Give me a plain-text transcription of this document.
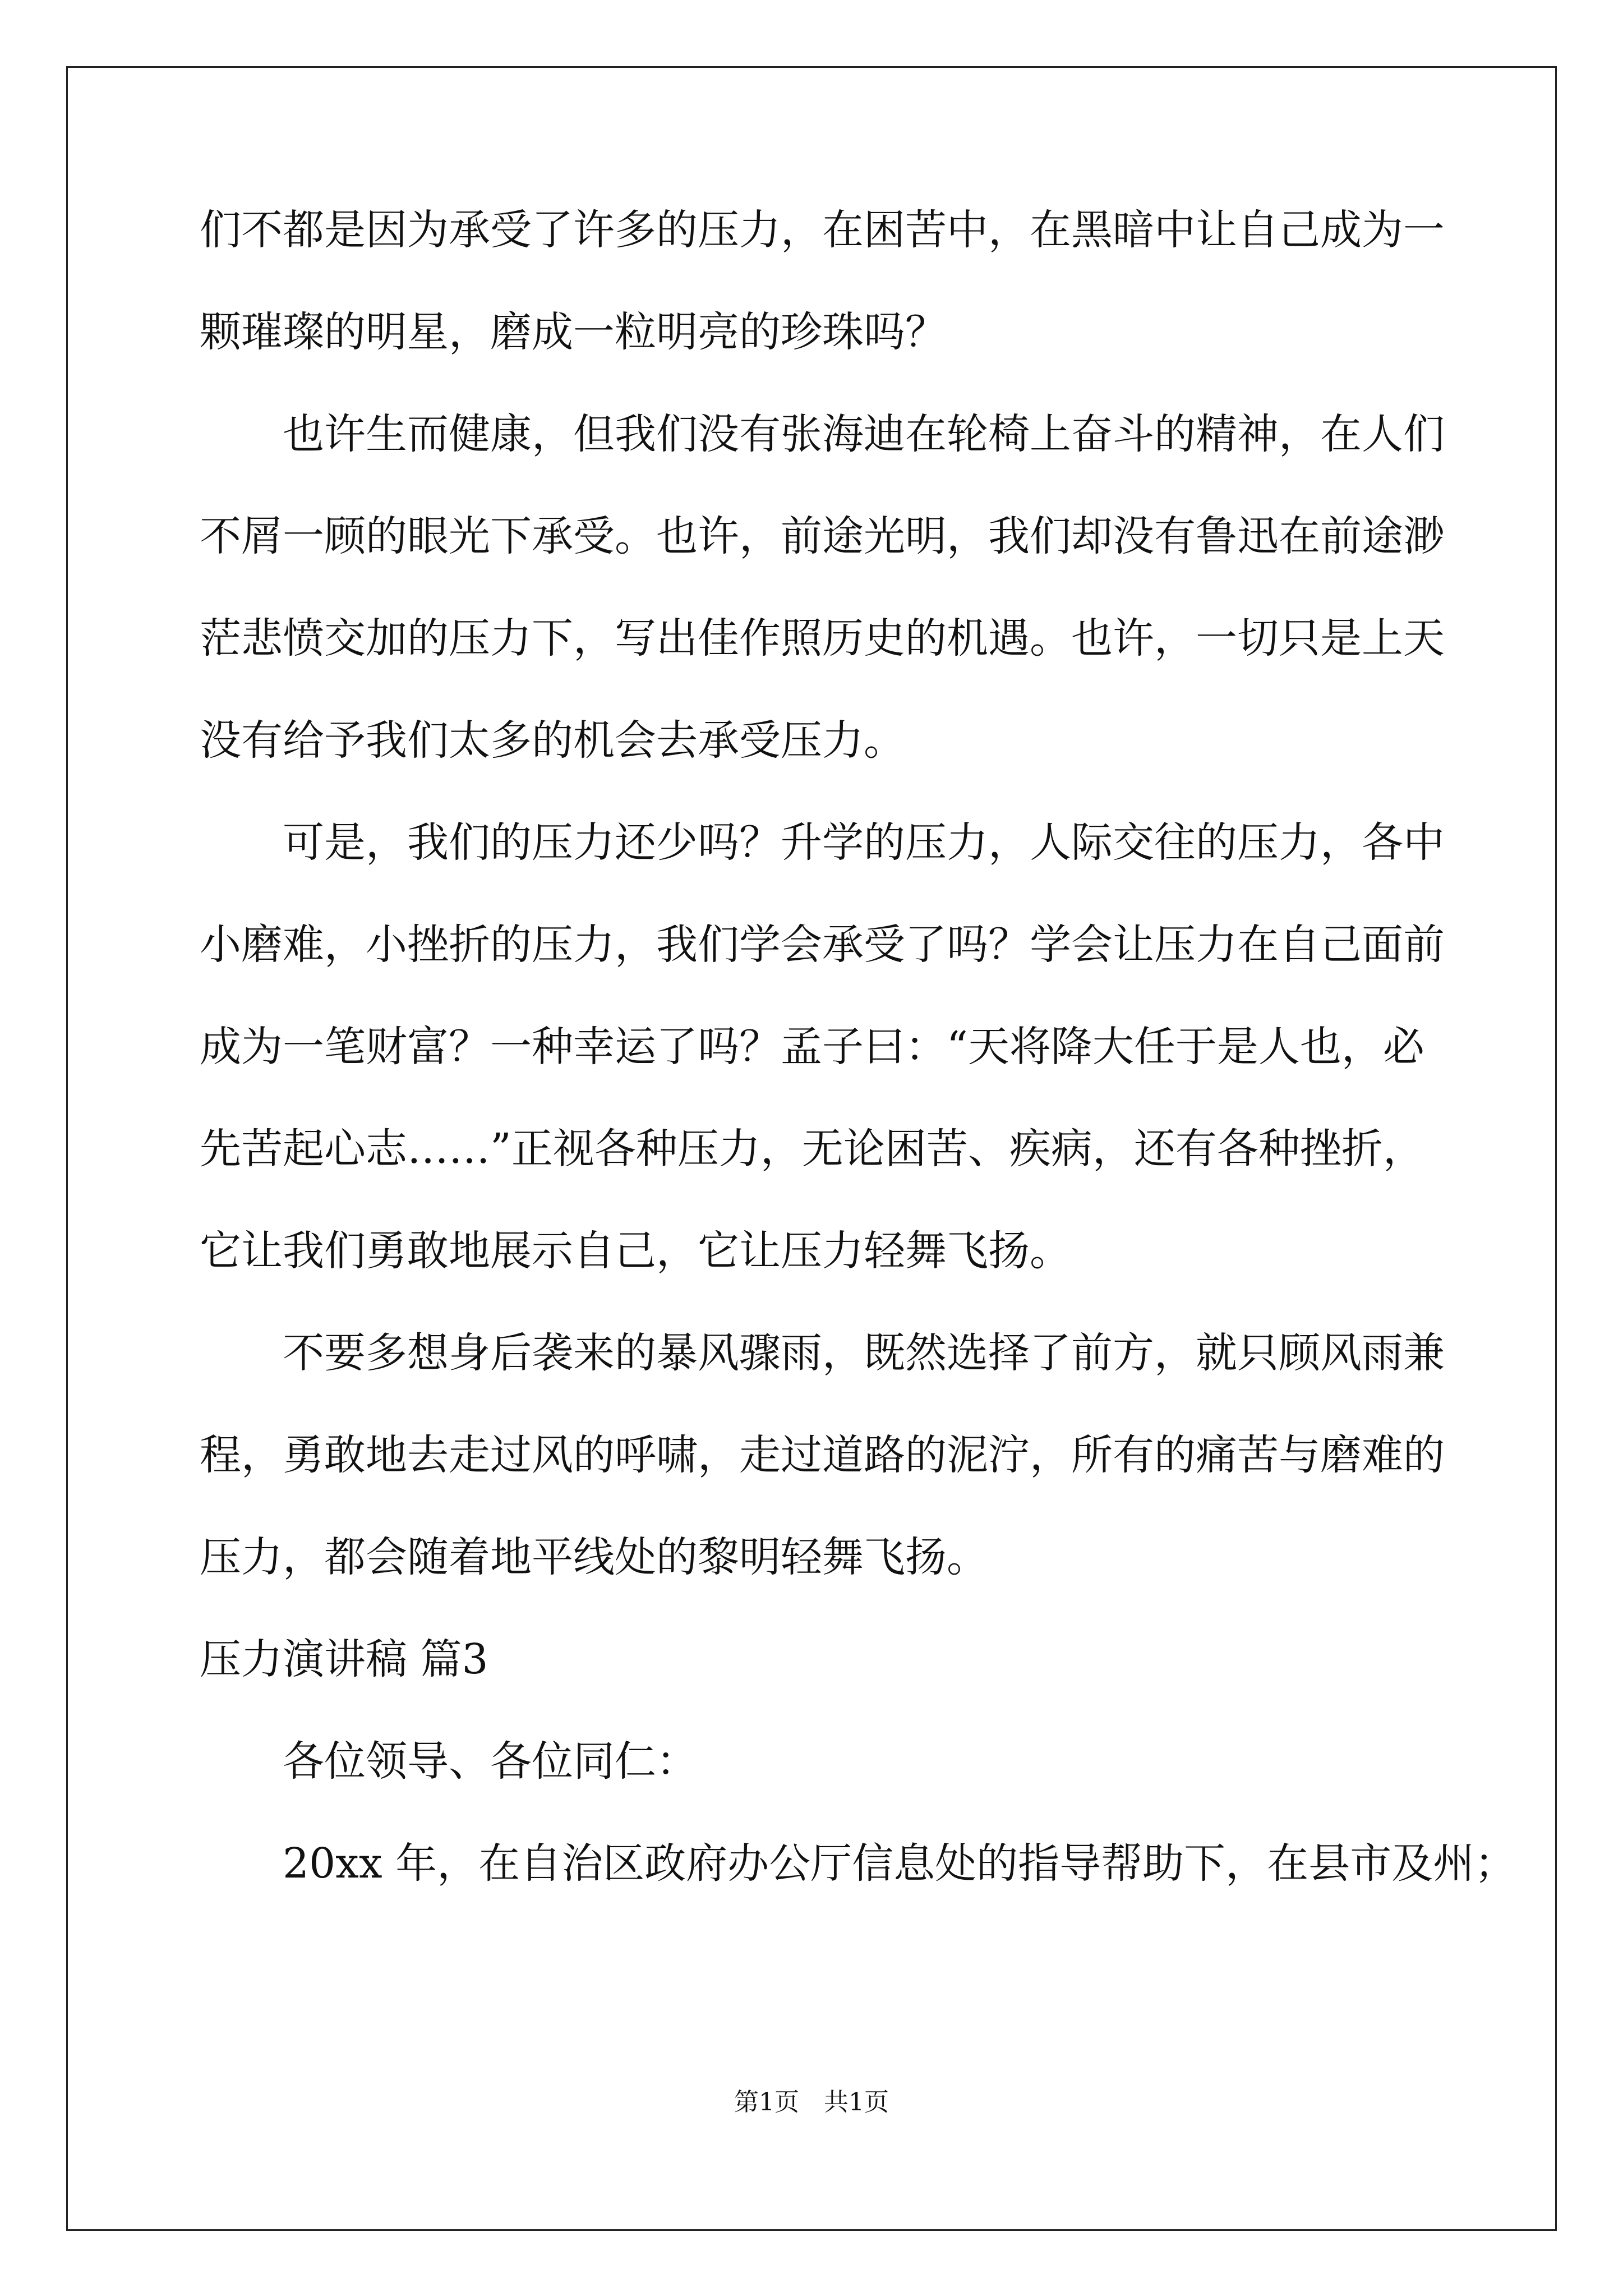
们不都是因为承受了许多的压力，在困苦中，在黑暗中让自己成为一
颗璀璨的明星，磨成一粒明亮的珍珠吗？
也许生而健康，但我们没有张海迪在轮椅上奋斗的精神，在人们
不屑一顾的眼光下承受。也许，前途光明，我们却没有鲁迅在前途渺
茫悲愤交加的压力下，写出佳作照历史的机遇。也许，一切只是上天
没有给予我们太多的机会去承受压力。
可是，我们的压力还少吗？升学的压力，人际交往的压力，各中
小磨难，小挫折的压力，我们学会承受了吗？学会让压力在自己面前
成为一笔财富？一种幸运了吗？孟子曰：“天将降大任于是人也，必
先苦起心志……”正视各种压力，无论困苦、疾病，还有各种挫折，
它让我们勇敢地展示自己，它让压力轻舞飞扬。
不要多想身后袭来的暴风骤雨，既然选择了前方，就只顾风雨兼
程，勇敢地去走过风的呼啸，走过道路的泥泞，所有的痛苦与磨难的
压力，都会随着地平线处的黎明轻舞飞扬。
压力演讲稿 篇3
各位领导、各位同仁：
20xx 年，在自治区政府办公厅信息处的指导帮助下，在县市及州；
第1页　共1页
